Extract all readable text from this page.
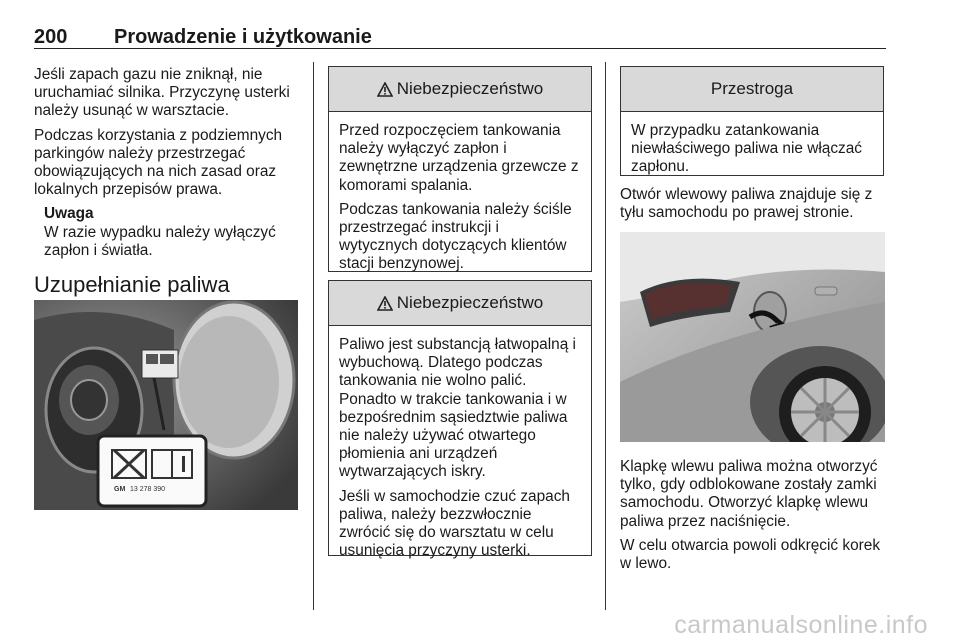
200 Prowadzenie i użytkowanie

Jeśli zapach gazu nie zniknął, nie uruchamiać silnika. Przyczynę usterki należy usunąć w warsztacie.

Podczas korzystania z podziemnych parkingów należy przestrzegać obowiązujących na nich zasad oraz lokalnych przepisów prawa.

Uwaga
W razie wypadku należy wyłączyć zapłon i światła.
Uzupełnianie paliwa
GM 13 278 390
Niebezpieczeństwo

Przed rozpoczęciem tankowania należy wyłączyć zapłon i zewnętrzne urządzenia grzewcze z komorami spalania.

Podczas tankowania należy ściśle przestrzegać instrukcji i wytycznych dotyczących klientów stacji benzynowej.

Niebezpieczeństwo

Paliwo jest substancją łatwopalną i wybuchową. Dlatego podczas tankowania nie wolno palić. Ponadto w trakcie tankowania i w bezpośrednim sąsiedztwie paliwa nie należy używać otwartego płomienia ani urządzeń wytwarzających iskry.

Jeśli w samochodzie czuć zapach paliwa, należy bezzwłocznie zwrócić się do warsztatu w celu usunięcia przyczyny usterki.

Przestroga

W przypadku zatankowania niewłaściwego paliwa nie włączać zapłonu.

Otwór wlewowy paliwa znajduje się z tyłu samochodu po prawej stronie.

Klapkę wlewu paliwa można otworzyć tylko, gdy odblokowane zostały zamki samochodu. Otworzyć klapkę wlewu paliwa przez naciśnięcie.

W celu otwarcia powoli odkręcić korek w lewo.

carmanualsonline.info
